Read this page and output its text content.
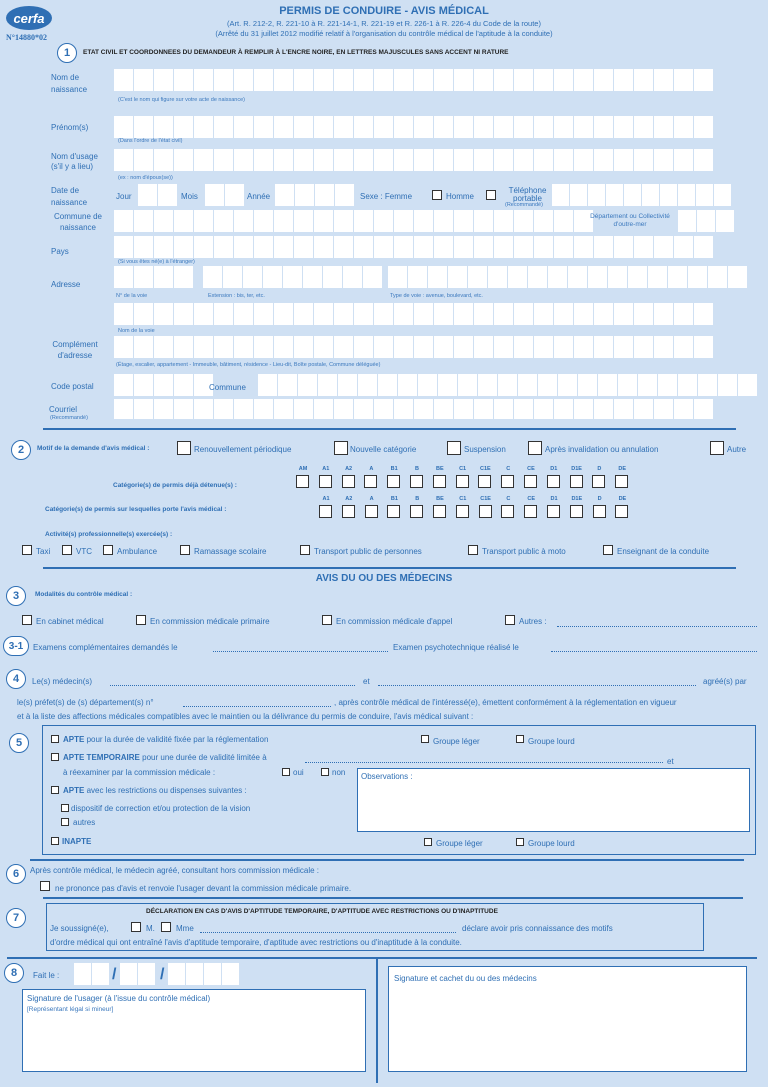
cerfa
N°14880*02
PERMIS DE CONDUIRE - AVIS MÉDICAL
(Art. R. 212-2, R. 221-10 à R. 221-14-1, R. 221-19 et R. 226-1 à R. 226-4 du Code de la route)
(Arrêté du 31 juillet 2012 modifié relatif à l'organisation du contrôle médical de l'aptitude à la conduite)
1	ETAT CIVIL ET COORDONNEES DU DEMANDEUR À REMPLIR À L'ENCRE NOIRE, EN LETTRES MAJUSCULES SANS ACCENT NI RATURE
Nom de naissance
(C'est le nom qui figure sur votre acte de naissance)
Prénom(s)
(Dans l'ordre de l'état civil)
Nom d'usage
(s'il y a lieu)
(ex : nom d'époux(se))
Date de naissance
Jour	Mois	Année	Sexe : Femme	Homme
Téléphone portable
(Recommandé)
Commune de naissance
Département ou Collectivité d'outre-mer
Pays
(Si vous êtes né(e) à l'étranger)
Adresse
N° de la voie	Extension : bis, ter, etc.	Type de voie : avenue, boulevard, etc.
Nom de la voie
Complément d'adresse
(Étage, escalier, appartement - Immeuble, bâtiment, résidence - Lieu-dit, Boîte postale, Commune déléguée)
Code postal	Commune
Courriel
(Recommandé)
2	Motif de la demande d'avis médical :	Renouvellement périodique	Nouvelle catégorie	Suspension	Après invalidation ou annulation	Autre
Catégorie(s) de permis déjà détenue(s) :
AM	A1	A2	A	B1	B	BE	C1	C1E	C	CE	D1	D1E	D	DE
Catégorie(s) de permis sur lesquelles porte l'avis médical :
A1	A2	A	B1	B	BE	C1	C1E	C	CE	D1	D1E	D	DE
Activité(s) professionnelle(s) exercée(s) :
Taxi	VTC	Ambulance	Ramassage scolaire	Transport public de personnes	Transport public à moto	Enseignant de la conduite
AVIS DU OU DES MÉDECINS
3	Modalités du contrôle médical :
En cabinet médical	En commission médicale primaire	En commission médicale d'appel	Autres :
3-1	Examens complémentaires demandés le	Examen psychotechnique réalisé le
4	Le(s) médecin(s)	et	agréé(s) par
le(s) préfet(s) de (s) département(s) n°	, après contrôle médical de l'intéressé(e), émettent conformément à la réglementation en vigueur
et à la liste des affections médicales compatibles avec le maintien ou la délivrance du permis de conduire, l'avis médical suivant :
5	APTE pour la durée de validité fixée par la réglementation	Groupe léger	Groupe lourd
APTE TEMPORAIRE pour une durée de validité limitée à	et
à réexaminer par la commission médicale :	oui	non Observations :
APTE avec les restrictions ou dispenses suivantes :
dispositif de correction et/ou protection de la vision
autres
INAPTE	Groupe léger	Groupe lourd
6	Après contrôle médical, le médecin agréé, consultant hors commission médicale :
ne prononce pas d'avis et renvoie l'usager devant la commission médicale primaire.
7
DÉCLARATION EN CAS D'AVIS D'APTITUDE TEMPORAIRE, D'APTITUDE AVEC RESTRICTIONS OU D'INAPTITUDE
Je soussigné(e),	M.	Mme	déclare avoir pris connaissance des motifs
d'ordre médical qui ont entraîné l'avis d'aptitude temporaire, d'aptitude avec restrictions ou d'inaptitude à la conduite.
8	Fait le :	/	/
Signature de l'usager (à l'issue du contrôle médical)
[Représentant légal si mineur]
Signature et cachet du ou des médecins
